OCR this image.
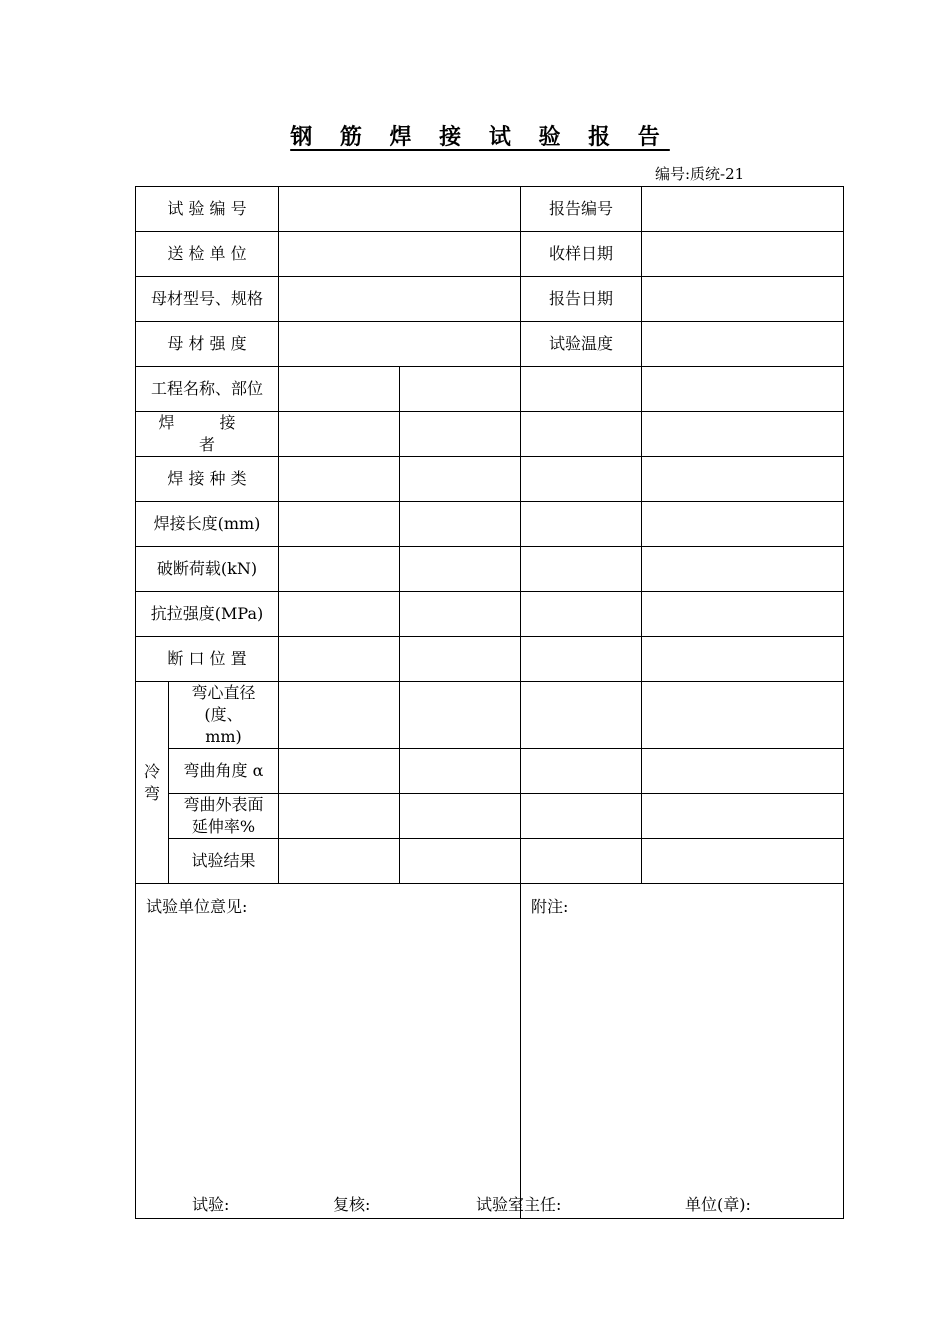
钢 筋 焊 接 试 验 报 告
编号:质统-21
试 验 编 号				报告编号	
送 检 单 位				收样日期	
母材型号、规格				报告日期	
母 材 强 度				试验温度	
工程名称、部位					
焊 接 者					
焊 接 种 类					
焊接长度(mm)					
破断荷载(kN)					
抗拉强度(MPa)					
断 口 位 置					

冷弯	弯心直径(度、mm)				

	弯曲角度 α				

	弯曲外表面延伸率%				

	试验结果				
试验单位意见:				附注:	
试验:	复核:	试验室主任:	单位(章):
